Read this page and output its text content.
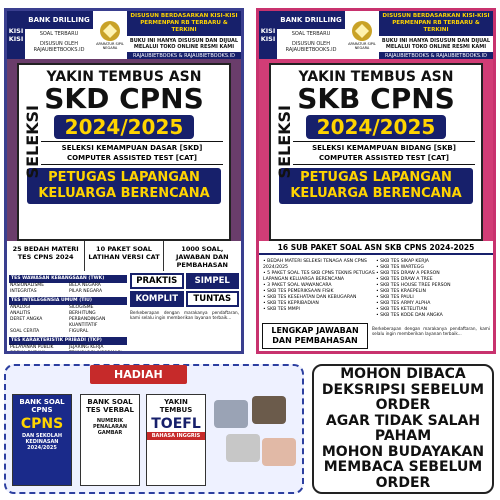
KISI KISI
BANK DRILLING
SOAL TERBARU
DISUSUN OLEH RAJAUBIETBOOKS.ID
APARATUR SIPIL NEGARA
DISUSUN BERDASARKAN KISI-KISI PERMENPAN RB TERBARU & TERKINI
BUKU INI HANYA DISUSUN DAN DIJUAL MELALUI TOKO ONLINE RESMI KAMI
RAJAUBIETBOOKS & RAJAUBIETBOOKS.ID
SELEKSI
YAKIN TEMBUS ASN
SKD CPNS
2024/2025
SELEKSI KEMAMPUAN DASAR [SKD] COMPUTER ASSISTED TEST [CAT]
PETUGAS LAPANGAN KELUARGA BERENCANA
25 BEDAH MATERI TES CPNS 2024
10 PAKET SOAL LATIHAN VERSI CAT
1000 SOAL, JAWABAN DAN PEMBAHASAN
TES WAWASAN KEBANGSAAN (TWK)
NASIONALISME	BELA NEGARA
INTEGRITAS	PILAR NEGARA
TES INTELEGENSIA UMUM (TIU)
ANALOGI	SILOGISME
ANALITIS	BERHITUNG
DERET ANGKA	PERBANDINGAN KUANTITATIF
SOAL CERITA	FIGURAL
TES KARAKTERISTIK PRIBADI (TKP)
PELAYANAN PUBLIK	JEJARING KERJA
SOSIAL BUDAYA	TEKNOLOGI INFORMASI
PRAKTIS	SIMPEL
KOMPLIT	TUNTAS
Berkeberapan dengan marakanya pendaftaran, kami selalu ingin memberikan layanan terbaik...
KISI KISI
BANK DRILLING
SOAL TERBARU
DISUSUN OLEH RAJAUBIETBOOKS.ID
APARATUR SIPIL NEGARA
DISUSUN BERDASARKAN KISI-KISI PERMENPAN RB TERBARU & TERKINI
BUKU INI HANYA DISUSUN DAN DIJUAL MELALUI TOKO ONLINE RESMI KAMI
RAJAUBIETBOOKS & RAJAUBIETBOOKS.ID
SELEKSI
YAKIN TEMBUS ASN
SKB CPNS
2024/2025
SELEKSI KEMAMPUAN BIDANG [SKB] COMPUTER ASSISTED TEST [CAT]
PETUGAS LAPANGAN KELUARGA BERENCANA
16 SUB PAKET SOAL ASN SKB CPNS 2024-2025
• BEDAH MATERI SELEKSI TENAGA ASN CPNS 2024/2025
• 5 PAKET SOAL TES SKB CPNS TEKNIS PETUGAS LAPANGAN KELUARGA BERENCANA
• 3 PAKET SOAL WAWANCARA
• SKB TES PEMERIKSAAN FISIK
• SKB TES KESEHATAN DAN KEBUGARAN
• SKB TES KEPRIBADIAN
• SKB TES MMPI
• SKB TES SIKAP KERJA
• SKB TES WARTEGG
• SKB TES DRAW A PERSON
• SKB TES DRAW A TREE
• SKB TES HOUSE TREE PERSON
• SKB TES KRAEPELIN
• SKB TES PAULI
• SKB TES ARMY ALPHA
• SKB TES KETELITIAN
• SKB TES KODE DAN ANGKA
LENGKAP JAWABAN DAN PEMBAHASAN
Berkeberapan dengan marakanya pendaftaran, kami selalu ingin memberikan layanan terbaik...
HADIAH
BANK SOAL CPNS
CPNS
DAN SEKOLAH KEDINASAN 2024/2025
BANK SOAL TES VERBAL
NUMERIK PENALARAN GAMBAR
YAKIN TEMBUS
TOEFL
BAHASA INGGRIS
MOHON DIBACA
DEKSRIPSI SEBELUM
ORDER
AGAR TIDAK SALAH
PAHAM
MOHON BUDAYAKAN
MEMBACA SEBELUM
ORDER
